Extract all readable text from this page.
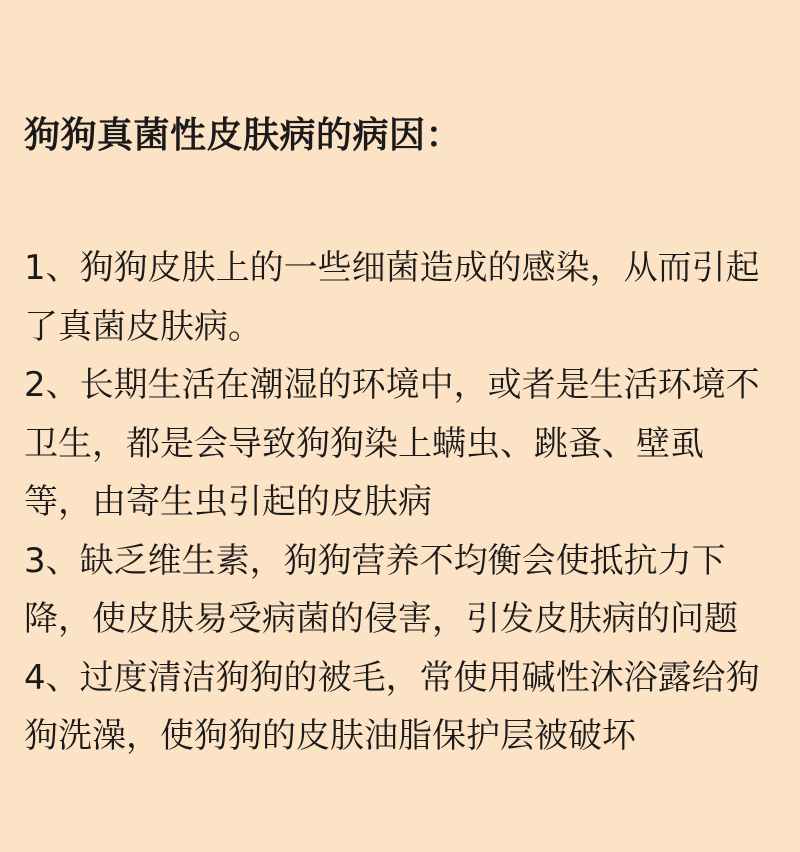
狗狗真菌性皮肤病的病因：

1、狗狗皮肤上的一些细菌造成的感染，从而引起了真菌皮肤病。

2、长期生活在潮湿的环境中，或者是生活环境不卫生，都是会导致狗狗染上螨虫、跳蚤、壁虱等，由寄生虫引起的皮肤病

3、缺乏维生素，狗狗营养不均衡会使抵抗力下降，使皮肤易受病菌的侵害，引发皮肤病的问题

4、过度清洁狗狗的被毛，常使用碱性沐浴露给狗狗洗澡，使狗狗的皮肤油脂保护层被破坏
